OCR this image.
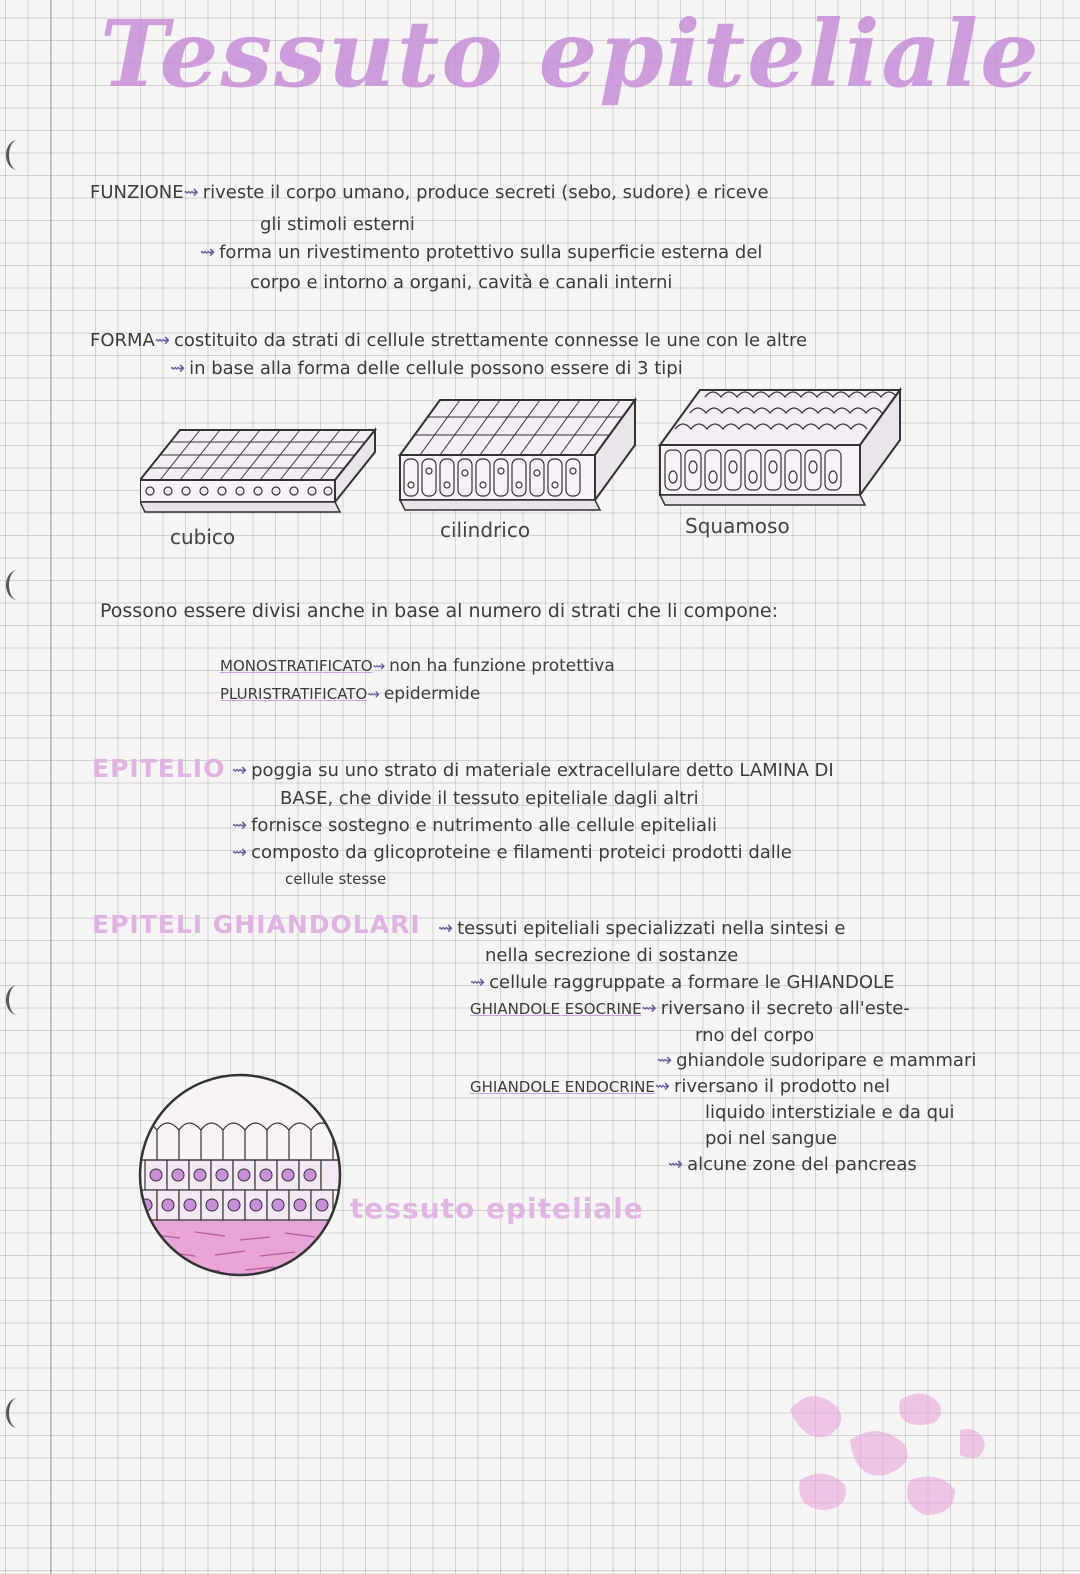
Tessuto epiteliale
FUNZIONE⇝ riveste il corpo umano, produce secreti (sebo, sudore) e riceve
gli stimoli esterni
⇝ forma un rivestimento protettivo sulla superficie esterna del
corpo e intorno a organi, cavità e canali interni
FORMA⇝ costituito da strati di cellule strettamente connesse le une con le altre
⇝ in base alla forma delle cellule possono essere di 3 tipi
cubico	cilindrico	Squamoso
Possono essere divisi anche in base al numero di strati che li compone:
MONOSTRATIFICATO⇝ non ha funzione protettiva
PLURISTRATIFICATO⇝ epidermide
EPITELIO ⇝ poggia su uno strato di materiale extracellulare detto LAMINA DI
BASE, che divide il tessuto epiteliale dagli altri
⇝ fornisce sostegno e nutrimento alle cellule epiteliali
⇝ composto da glicoproteine e filamenti proteici prodotti dalle
cellule stesse
EPITELI GHIANDOLARI ⇝ tessuti epiteliali specializzati nella sintesi e
nella secrezione di sostanze
⇝ cellule raggruppate a formare le GHIANDOLE
GHIANDOLE ESOCRINE⇝ riversano il secreto all'este-
rno del corpo
⇝ ghiandole sudoripare e mammari
GHIANDOLE ENDOCRINE⇝ riversano il prodotto nel
liquido interstiziale e da qui
poi nel sangue
⇝ alcune zone del pancreas
tessuto epiteliale
